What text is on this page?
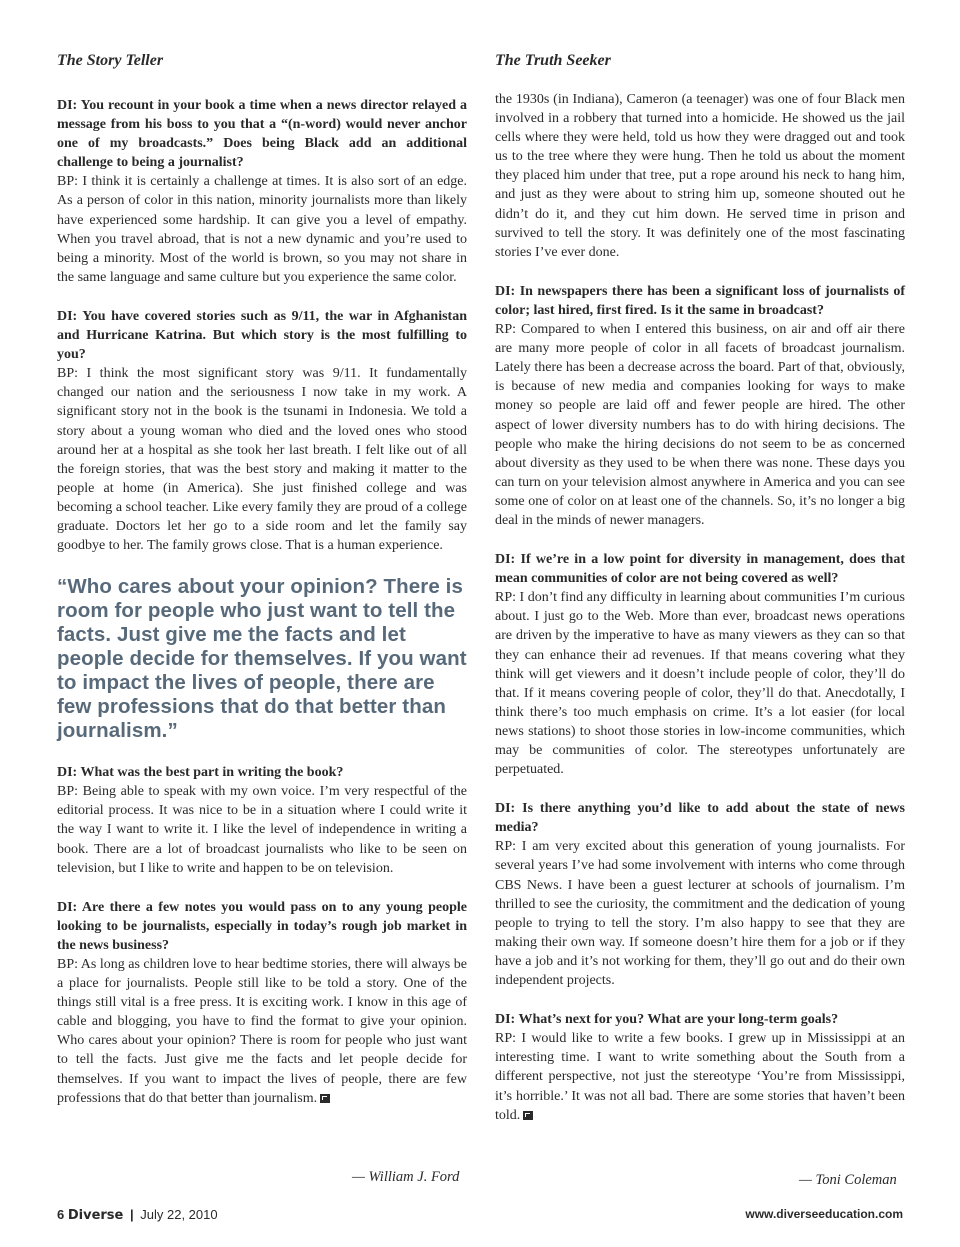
The Story Teller

DI: You recount in your book a time when a news director relayed a message from his boss to you that a “(n-word) would never anchor one of my broadcasts.” Does being Black add an additional challenge to being a journalist?

BP: I think it is certainly a challenge at times. It is also sort of an edge. As a person of color in this nation, minority journalists more than likely have experienced some hardship. It can give you a level of empathy. When you travel abroad, that is not a new dynamic and you’re used to being a minority. Most of the world is brown, so you may not share in the same language and same culture but you experience the same color.

DI: You have covered stories such as 9/11, the war in Afghanistan and Hurricane Katrina. But which story is the most fulfilling to you?

BP: I think the most significant story was 9/11. It fundamentally changed our nation and the seriousness I now take in my work. A significant story not in the book is the tsunami in Indonesia. We told a story about a young woman who died and the loved ones who stood around her at a hospital as she took her last breath. I felt like out of all the foreign stories, that was the best story and making it matter to the people at home (in America). She just finished college and was becoming a school teacher. Like every family they are proud of a college graduate. Doctors let her go to a side room and let the family say goodbye to her. The family grows close. That is a human experience.

“Who cares about your opinion? There is room for people who just want to tell the facts. Just give me the facts and let people decide for themselves. If you want to impact the lives of people, there are few professions that do that better than journalism.”

DI: What was the best part in writing the book?

BP: Being able to speak with my own voice. I’m very respectful of the editorial process. It was nice to be in a situation where I could write it the way I want to write it. I like the level of independence in writing a book. There are a lot of broadcast journalists who like to be seen on television, but I like to write and happen to be on television.

DI: Are there a few notes you would pass on to any young people looking to be journalists, especially in today’s rough job market in the news business?

BP: As long as children love to hear bedtime stories, there will always be a place for journalists. People still like to be told a story. One of the things still vital is a free press. It is exciting work. I know in this age of cable and blogging, you have to find the format to give your opinion. Who cares about your opinion? There is room for people who just want to tell the facts. Just give me the facts and let people decide for themselves. If you want to impact the lives of people, there are few professions that do that better than journalism.

— William J. Ford
The Truth Seeker

the 1930s (in Indiana), Cameron (a teenager) was one of four Black men involved in a robbery that turned into a homicide. He showed us the jail cells where they were held, told us how they were dragged out and took us to the tree where they were hung. Then he told us about the moment they placed him under that tree, put a rope around his neck to hang him, and just as they were about to string him up, someone shouted out he didn’t do it, and they cut him down. He served time in prison and survived to tell the story. It was definitely one of the most fascinating stories I’ve ever done.

DI: In newspapers there has been a significant loss of journalists of color; last hired, first fired. Is it the same in broadcast?

RP: Compared to when I entered this business, on air and off air there are many more people of color in all facets of broadcast journalism. Lately there has been a decrease across the board. Part of that, obviously, is because of new media and companies looking for ways to make money so people are laid off and fewer people are hired. The other aspect of lower diversity numbers has to do with hiring decisions. The people who make the hiring decisions do not seem to be as concerned about diversity as they used to be when there was none. These days you can turn on your television almost anywhere in America and you can see some one of color on at least one of the channels. So, it’s no longer a big deal in the minds of newer managers.

DI: If we’re in a low point for diversity in management, does that mean communities of color are not being covered as well?

RP: I don’t find any difficulty in learning about communities I’m curious about. I just go to the Web. More than ever, broadcast news operations are driven by the imperative to have as many viewers as they can so that they can enhance their ad revenues. If that means covering what they think will get viewers and it doesn’t include people of color, they’ll do that. If it means covering people of color, they’ll do that. Anecdotally, I think there’s too much emphasis on crime. It’s a lot easier (for local news stations) to shoot those stories in low-income communities, which may be communities of color. The stereotypes unfortunately are perpetuated.

DI: Is there anything you’d like to add about the state of news media?

RP: I am very excited about this generation of young journalists. For several years I’ve had some involvement with interns who come through CBS News. I have been a guest lecturer at schools of journalism. I’m thrilled to see the curiosity, the commitment and the dedication of young people to trying to tell the story. I’m also happy to see that they are making their own way. If someone doesn’t hire them for a job or if they have a job and it’s not working for them, they’ll go out and do their own independent projects.

DI: What’s next for you? What are your long-term goals?

RP: I would like to write a few books. I grew up in Mississippi at an interesting time. I want to write something about the South from a different perspective, not just the stereotype ‘You’re from Mississippi, it’s horrible.’ It was not all bad. There are some stories that haven’t been told.

— Toni Coleman
6 Diverse | July 22, 2010	www.diverseeducation.com
